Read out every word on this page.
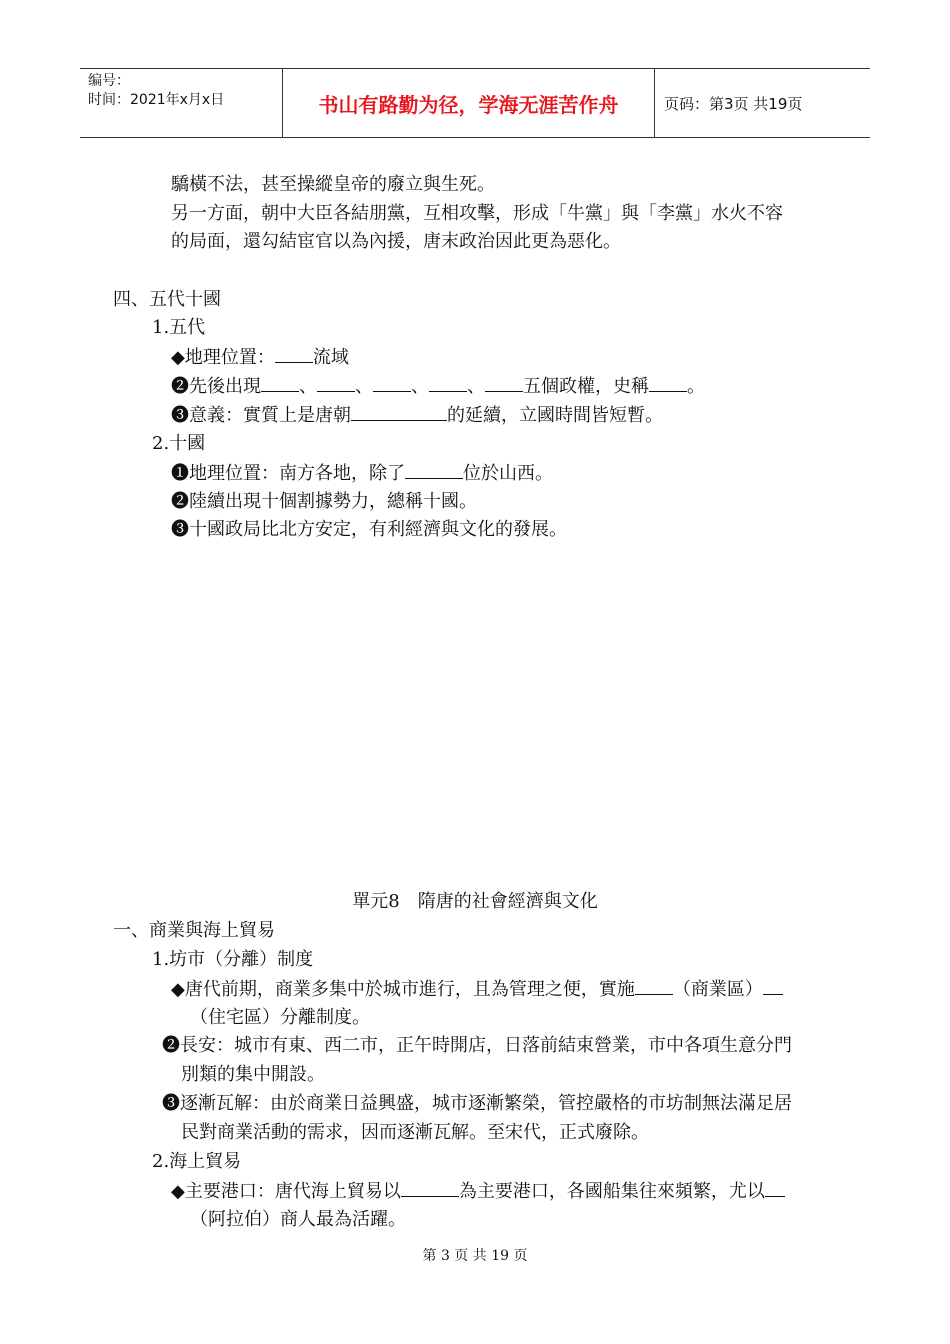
编号：
时间：2021年x月x日	书山有路勤为径，学海无涯苦作舟	页码：第3页 共19页
驕橫不法，甚至操縱皇帝的廢立與生死。
另一方面，朝中大臣各結朋黨，互相攻擊，形成「牛黨」與「李黨」水火不容
的局面，還勾結宦官以為內援，唐末政治因此更為惡化。
四、五代十國
1.五代
◆地理位置： 流域
❷先後出現 、 、 、 、 五個政權，史稱 。
❸意義：實質上是唐朝	的延續，立國時間皆短暫。
2.十國
❶地理位置：南方各地，除了	位於山西。
❷陸續出現十個割據勢力，總稱十國。
❸十國政局比北方安定，有利經濟與文化的發展。
單元8　隋唐的社會經濟與文化
一、商業與海上貿易
1.坊市（分離）制度
◆唐代前期，商業多集中於城市進行，且為管理之便，實施 （商業區）
（住宅區）分離制度。
❷長安：城市有東、西二市，正午時開店，日落前結束營業，市中各項生意分門
別類的集中開設。
❸逐漸瓦解：由於商業日益興盛，城市逐漸繁榮，管控嚴格的市坊制無法滿足居
民對商業活動的需求，因而逐漸瓦解。至宋代，正式廢除。
2.海上貿易
◆主要港口：唐代海上貿易以	為主要港口，各國船集往來頻繁，尤以
（阿拉伯）商人最為活躍。
第 3 页 共 19 页
